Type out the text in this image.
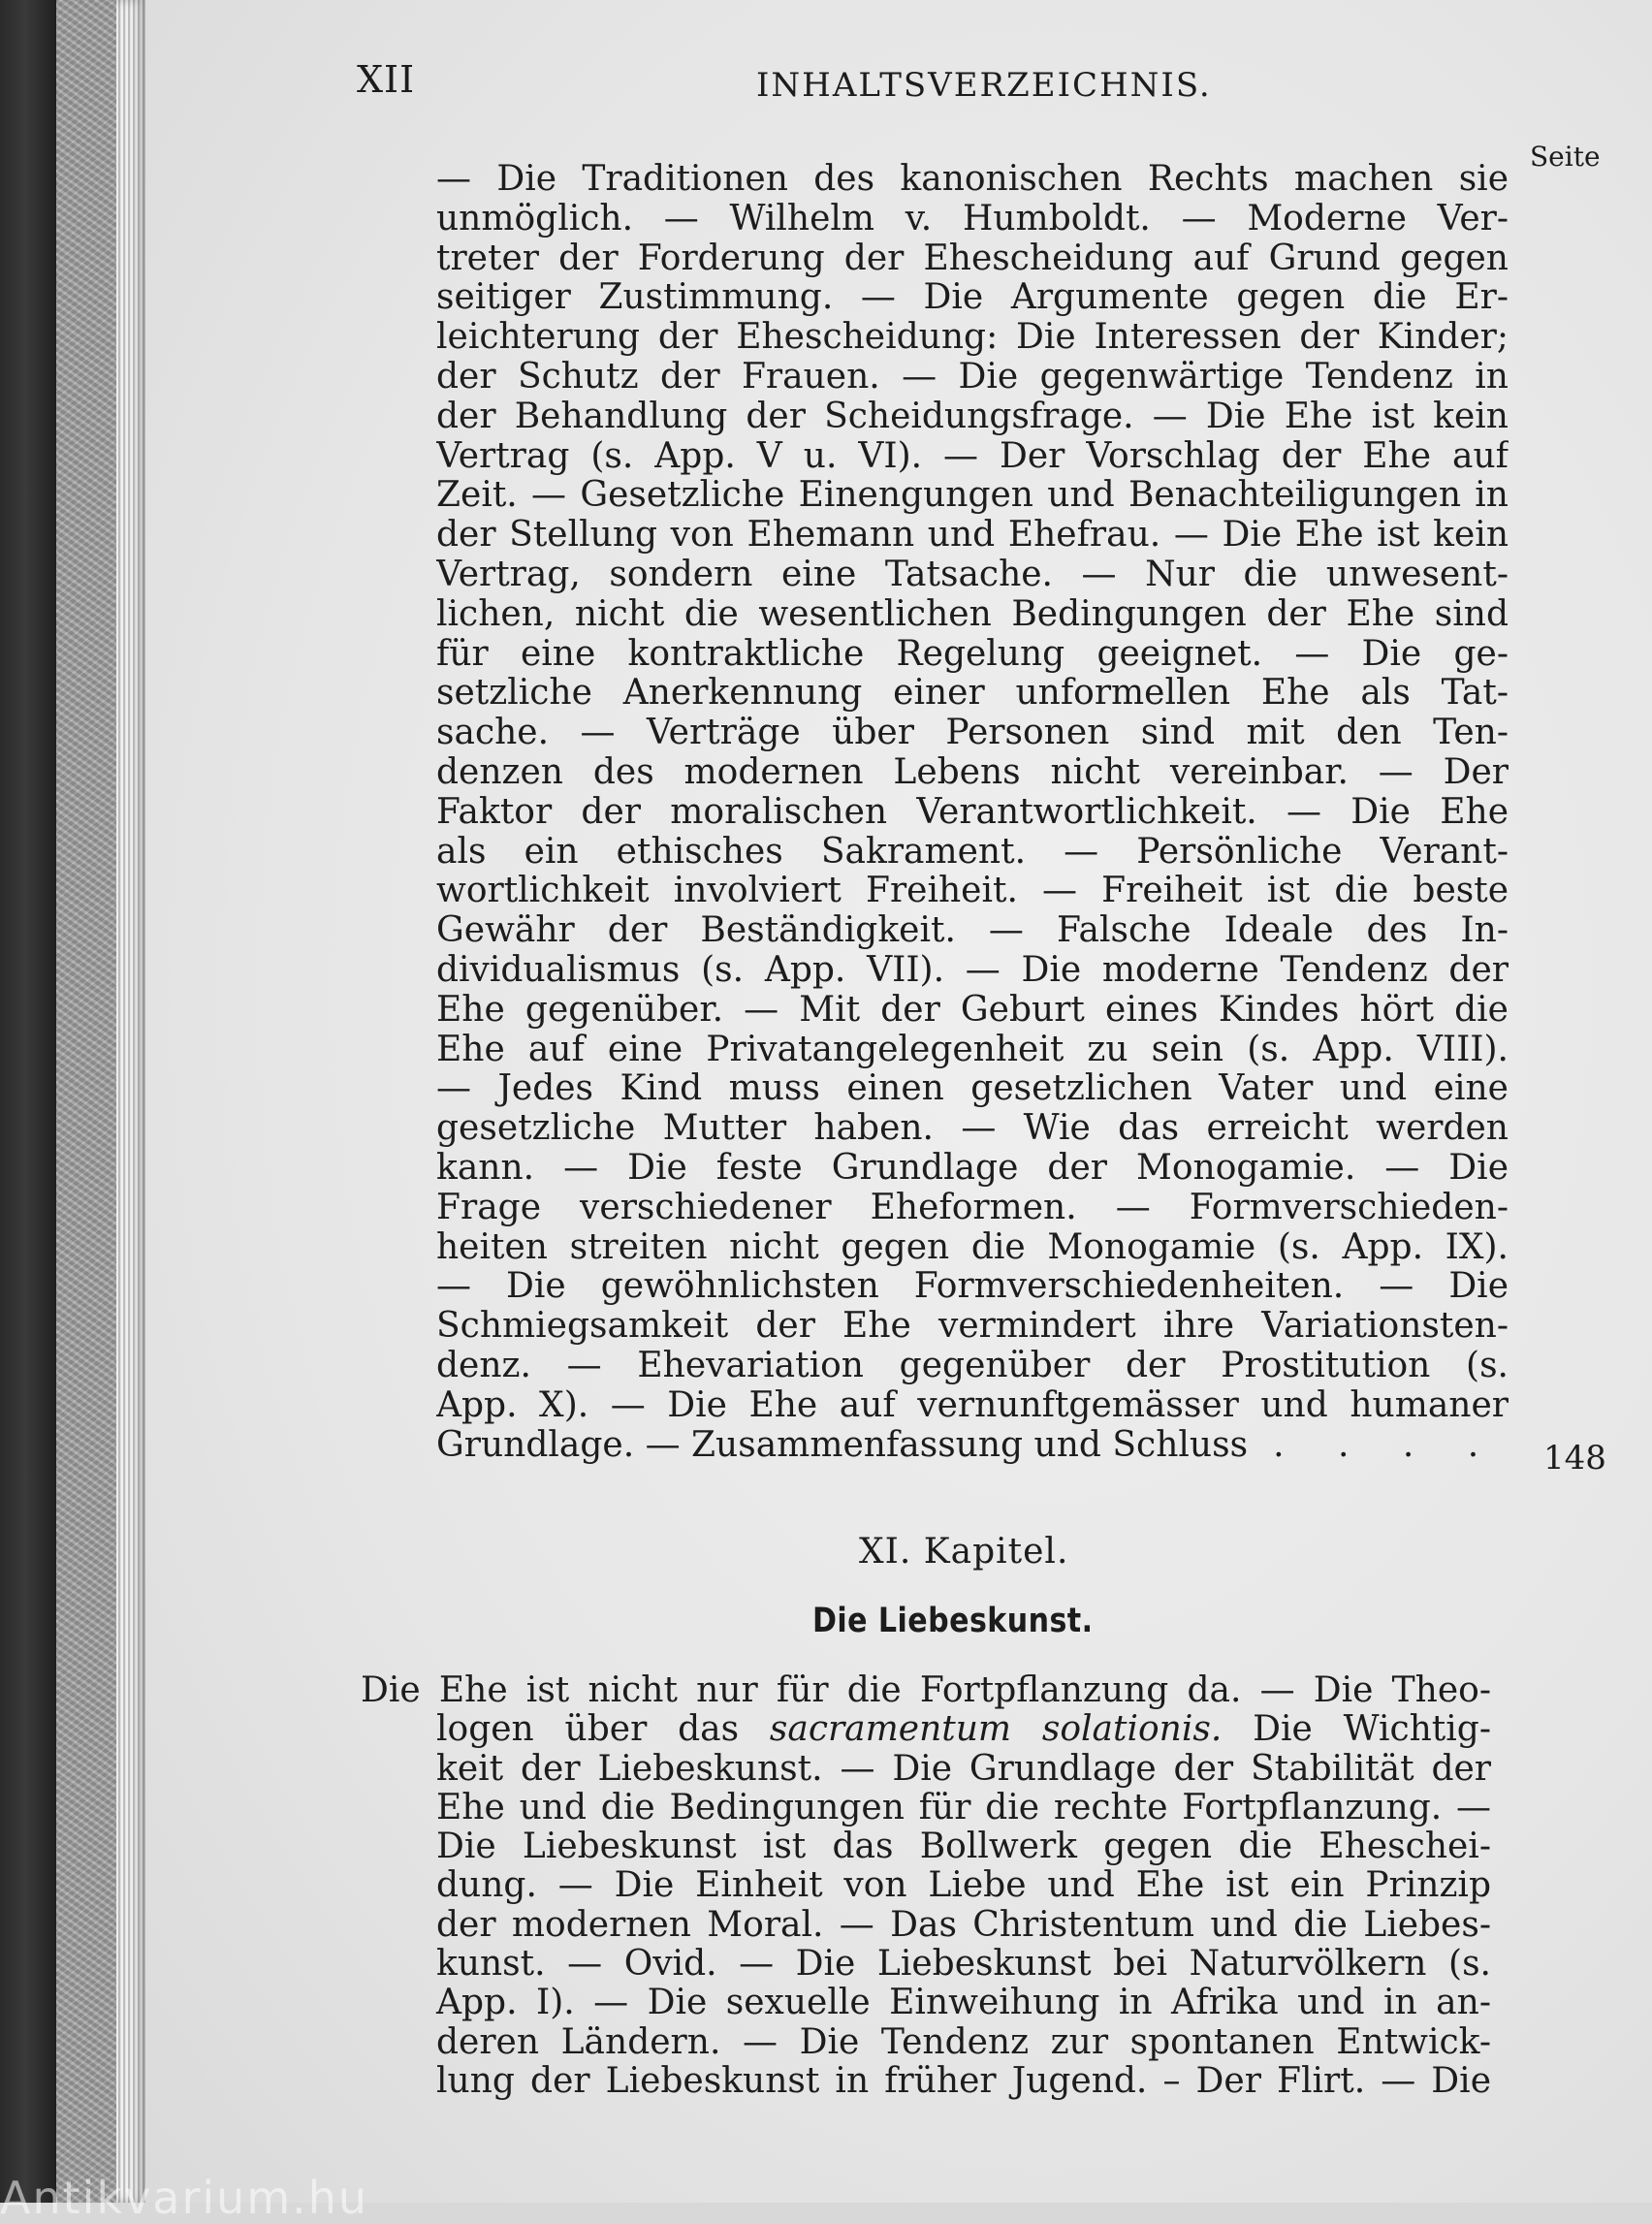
XII	INHALTSVERZEICHNIS.
Seite
— Die Traditionen des kanonischen Rechts machen sie
unmöglich. — Wilhelm v. Humboldt. — Moderne Ver-
treter der Forderung der Ehescheidung auf Grund gegen
seitiger Zustimmung. — Die Argumente gegen die Er-
leichterung der Ehescheidung: Die Interessen der Kinder;
der Schutz der Frauen. — Die gegenwärtige Tendenz in
der Behandlung der Scheidungsfrage. — Die Ehe ist kein
Vertrag (s. App. V u. VI). — Der Vorschlag der Ehe auf
Zeit. — Gesetzliche Einengungen und Benachteiligungen in
der Stellung von Ehemann und Ehefrau. — Die Ehe ist kein
Vertrag, sondern eine Tatsache. — Nur die unwesent-
lichen, nicht die wesentlichen Bedingungen der Ehe sind
für eine kontraktliche Regelung geeignet. — Die ge-
setzliche Anerkennung einer unformellen Ehe als Tat-
sache. — Verträge über Personen sind mit den Ten-
denzen des modernen Lebens nicht vereinbar. — Der
Faktor der moralischen Verantwortlichkeit. — Die Ehe
als ein ethisches Sakrament. — Persönliche Verant-
wortlichkeit involviert Freiheit. — Freiheit ist die beste
Gewähr der Beständigkeit. — Falsche Ideale des In-
dividualismus (s. App. VII). — Die moderne Tendenz der
Ehe gegenüber. — Mit der Geburt eines Kindes hört die
Ehe auf eine Privatangelegenheit zu sein (s. App. VIII).
— Jedes Kind muss einen gesetzlichen Vater und eine
gesetzliche Mutter haben. — Wie das erreicht werden
kann. — Die feste Grundlage der Monogamie. — Die
Frage verschiedener Eheformen. — Formverschieden-
heiten streiten nicht gegen die Monogamie (s. App. IX).
— Die gewöhnlichsten Formverschiedenheiten. — Die
Schmiegsamkeit der Ehe vermindert ihre Variationsten-
denz. — Ehevariation gegenüber der Prostitution (s.
App. X). — Die Ehe auf vernunftgemässer und humaner
Grundlage. — Zusammenfassung und Schluss . . . . 148
XI. Kapitel.
Die Liebeskunst.
Die Ehe ist nicht nur für die Fortpflanzung da. — Die Theo-
logen über das sacramentum solationis. Die Wichtig-
keit der Liebeskunst. — Die Grundlage der Stabilität der
Ehe und die Bedingungen für die rechte Fortpflanzung. —
Die Liebeskunst ist das Bollwerk gegen die Eheschei-
dung. — Die Einheit von Liebe und Ehe ist ein Prinzip
der modernen Moral. — Das Christentum und die Liebes-
kunst. — Ovid. — Die Liebeskunst bei Naturvölkern (s.
App. I). — Die sexuelle Einweihung in Afrika und in an-
deren Ländern. — Die Tendenz zur spontanen Entwick-
lung der Liebeskunst in früher Jugend. – Der Flirt. — Die
Antikvarium.hu
